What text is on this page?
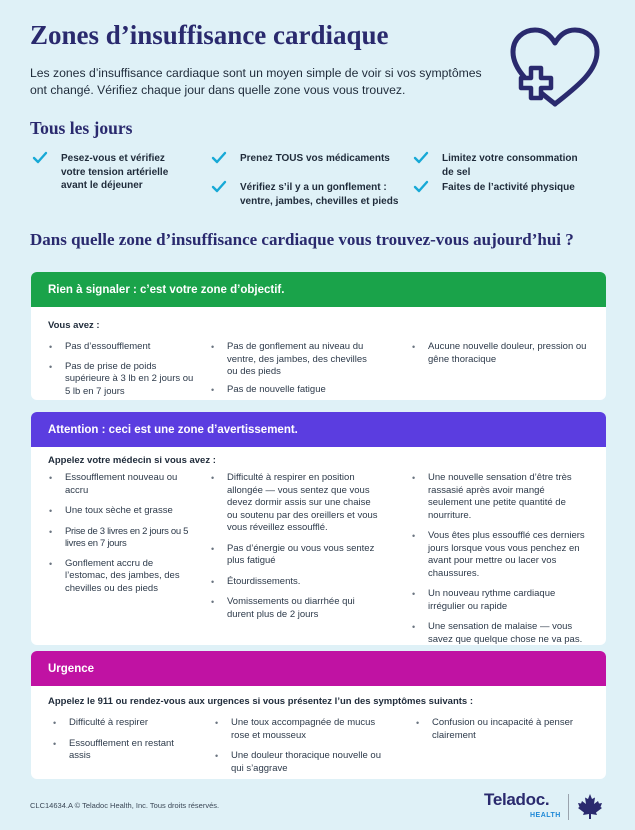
Zones d’insuffisance cardiaque

Les zones d’insuffisance cardiaque sont un moyen simple de voir si vos symptômes ont changé. Vérifiez chaque jour dans quelle zone vous vous trouvez.

Tous les jours
Pesez-vous et vérifiez votre tension artérielle avant le déjeuner
Prenez TOUS vos médicaments
Vérifiez s’il y a un gonflement : ventre, jambes, chevilles et pieds
Limitez votre consommation de sel
Faites de l’activité physique
Dans quelle zone d’insuffisance cardiaque vous trouvez-vous aujourd’hui ?
Rien à signaler : c’est votre zone d’objectif.
Vous avez :
• Pas d’essoufflement
• Pas de prise de poids supérieure à 3 lb en 2 jours ou 5 lb en 7 jours
• Pas de gonflement au niveau du ventre, des jambes, des chevilles ou des pieds
• Pas de nouvelle fatigue
• Aucune nouvelle douleur, pression ou gêne thoracique
Attention : ceci est une zone d’avertissement.
Appelez votre médecin si vous avez :
• Essoufflement nouveau ou accru
• Une toux sèche et grasse
• Prise de 3 livres en 2 jours ou 5 livres en 7 jours
• Gonflement accru de l’estomac, des jambes, des chevilles ou des pieds
• Difficulté à respirer en position allongée — vous sentez que vous devez dormir assis sur une chaise ou soutenu par des oreillers et vous vous réveillez essoufflé.
• Pas d’énergie ou vous vous sentez plus fatigué
• Étourdissements.
• Vomissements ou diarrhée qui durent plus de 2 jours
• Une nouvelle sensation d’être très rassasié après avoir mangé seulement une petite quantité de nourriture.
• Vous êtes plus essoufflé ces derniers jours lorsque vous vous penchez en avant pour mettre ou lacer vos chaussures.
• Un nouveau rythme cardiaque irrégulier ou rapide
• Une sensation de malaise — vous savez que quelque chose ne va pas.
Urgence
Appelez le 911 ou rendez-vous aux urgences si vous présentez l’un des symptômes suivants :
• Difficulté à respirer
• Essoufflement en restant assis
• Une toux accompagnée de mucus rose et mousseux
• Une douleur thoracique nouvelle ou qui s’aggrave
• Confusion ou incapacité à penser clairement
CLC14634.A © Teladoc Health, Inc. Tous droits réservés.	Teladoc.
HEALTH
